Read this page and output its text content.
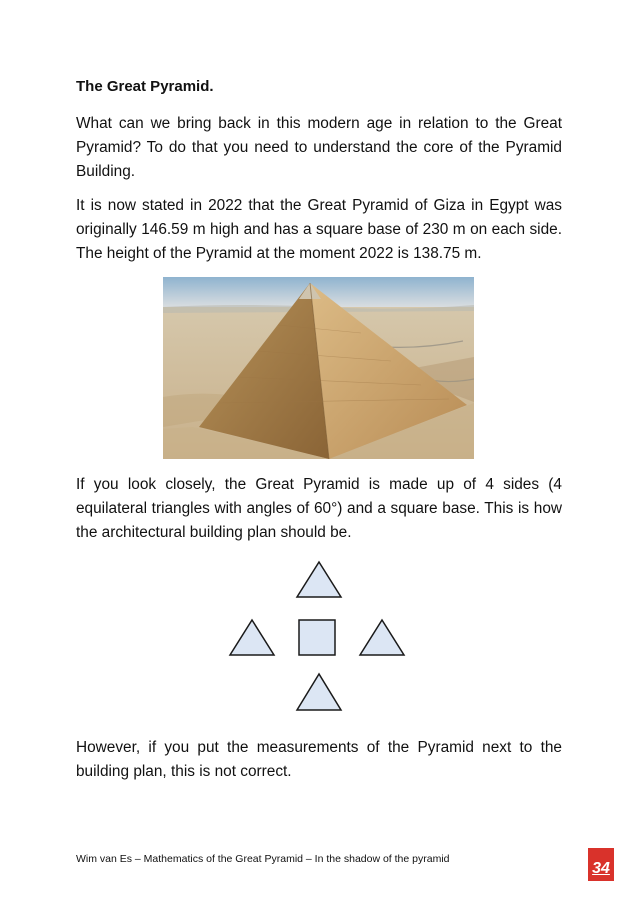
The Great Pyramid.

What can we bring back in this modern age in relation to the Great Pyramid? To do that you need to understand the core of the Pyramid Building.

It is now stated in 2022 that the Great Pyramid of Giza in Egypt was originally 146.59 m high and has a square base of 230 m on each side. The height of the Pyramid at the moment 2022 is 138.75 m.

If you look closely, the Great Pyramid is made up of 4 sides (4 equilateral triangles with angles of 60°) and a square base. This is how the architectural building plan should be.

However, if you put the measurements of the Pyramid next to the building plan, this is not correct.

Wim van Es – Mathematics of the Great Pyramid – In the shadow of the pyramid

34
